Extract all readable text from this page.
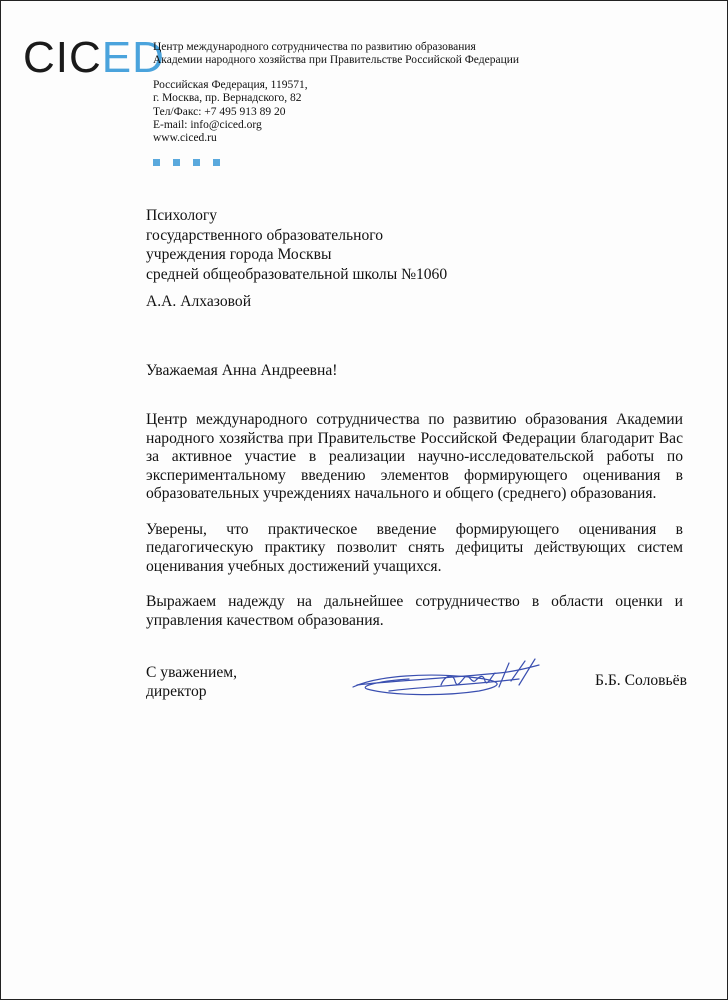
CIC ED
Центр международного сотрудничества по развитию образования
Академии народного хозяйства при Правительстве Российской Федерации
Российская Федерация, 119571,
г. Москва, пр. Вернадского, 82
Тел/Факс: +7 495 913 89 20
E-mail: info@ciced.org
www.ciced.ru
Психологу
государственного образовательного
учреждения города Москвы
средней общеобразовательной школы №1060
А.А. Алхазовой
Уважаемая Анна Андреевна!

Центр международного сотрудничества по развитию образования Академии народного хозяйства при Правительстве Российской Федерации благодарит Вас за активное участие в реализации научно-исследовательской работы по экспериментальному введению элементов формирующего оценивания в образовательных учреждениях начального и общего (среднего) образования.

Уверены, что практическое введение формирующего оценивания в педагогическую практику позволит снять дефициты действующих систем оценивания учебных достижений учащихся.

Выражаем надежду на дальнейшее сотрудничество в области оценки и управления качеством образования.

С уважением,
директор
Б.Б. Соловьёв
